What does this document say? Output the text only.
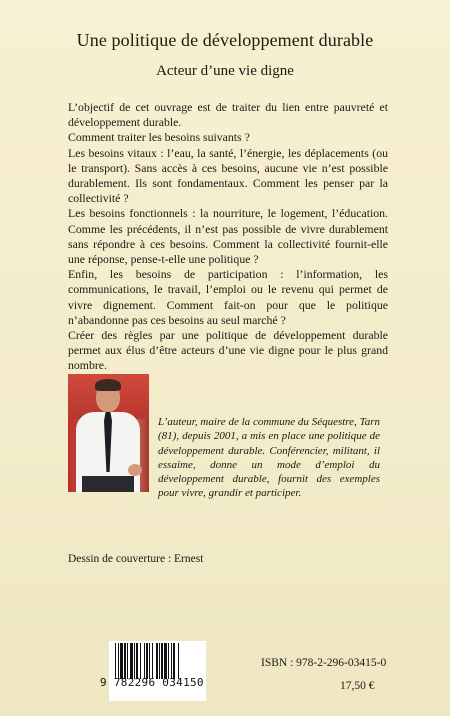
Une politique de développement durable
Acteur d’une vie digne

L’objectif de cet ouvrage est de traiter du lien entre pauvreté et développement durable.

Comment traiter les besoins suivants ?

Les besoins vitaux : l’eau, la santé, l’énergie, les déplacements (ou le transport). Sans accès à ces besoins, aucune vie n’est possible durablement. Ils sont fondamentaux. Comment les penser par la collectivité ?

Les besoins fonctionnels : la nourriture, le logement, l’éducation. Comme les précédents, il n’est pas possible de vivre durablement sans répondre à ces besoins. Comment la collectivité fournit-elle une réponse, pense-t-elle une politique ?

Enfin, les besoins de participation : l’information, les communications, le travail, l’emploi ou le revenu qui permet de vivre dignement. Comment fait-on pour que le politique n’abandonne pas ces besoins au seul marché ?

Créer des règles par une politique de développement durable permet aux élus d’être acteurs d’une vie digne pour le plus grand nombre.

L’auteur, maire de la commune du Séquestre, Tarn (81), depuis 2001, a mis en place une politique de développement durable. Conférencier, militant, il essaime, donne un mode d’emploi du développement durable, fournit des exemples pour vivre, grandir et participer.
Dessin de couverture : Ernest
9 782296 034150
ISBN : 978-2-296-03415-0
17,50 €
